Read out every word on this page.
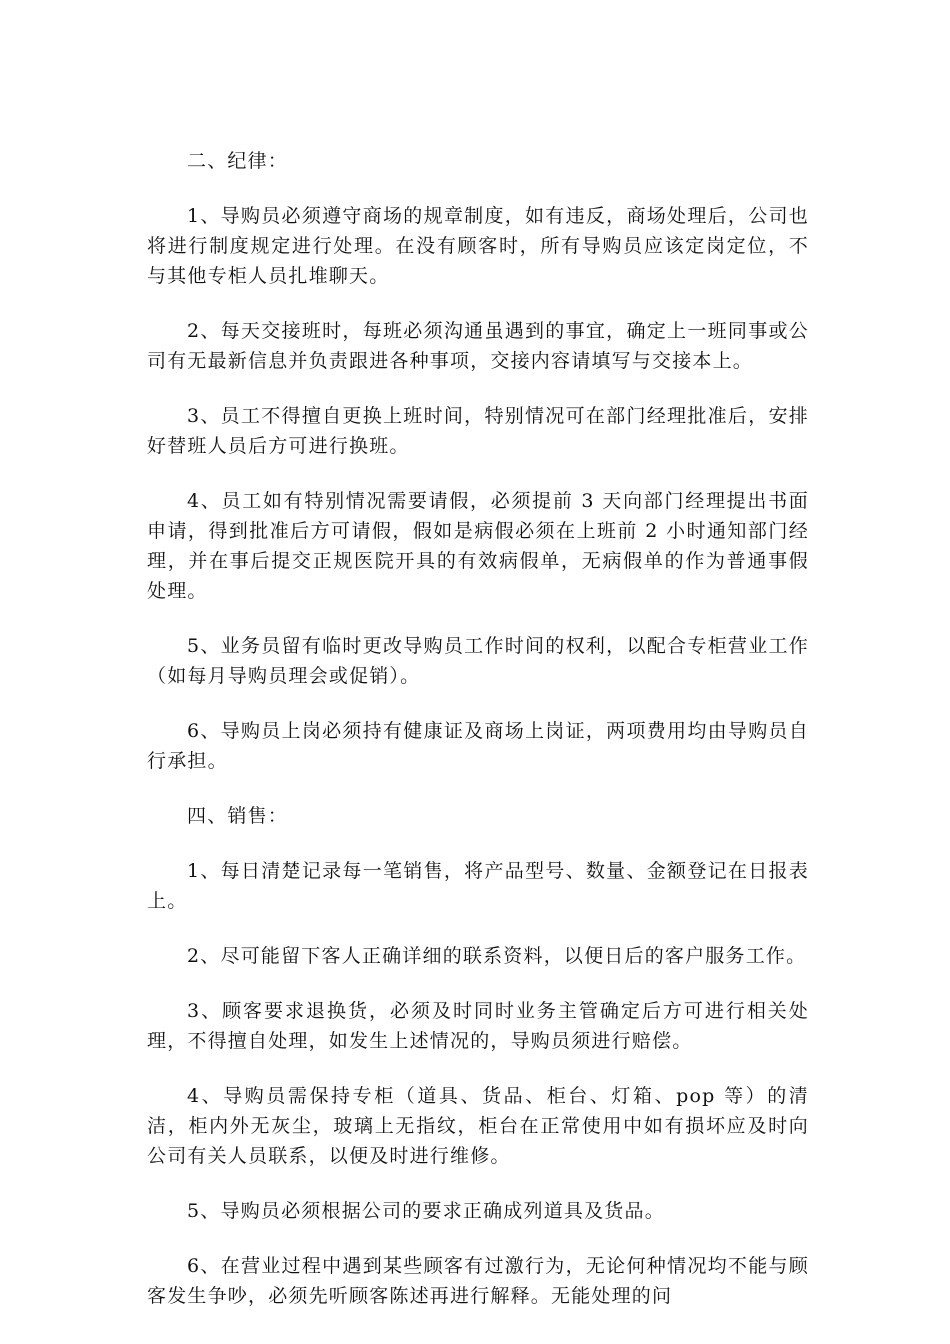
二、纪律：

1、导购员必须遵守商场的规章制度，如有违反，商场处理后，公司也将进行制度规定进行处理。在没有顾客时，所有导购员应该定岗定位，不与其他专柜人员扎堆聊天。

2、每天交接班时，每班必须沟通虽遇到的事宜，确定上一班同事或公司有无最新信息并负责跟进各种事项，交接内容请填写与交接本上。

3、员工不得擅自更换上班时间，特别情况可在部门经理批准后，安排好替班人员后方可进行换班。

4、员工如有特别情况需要请假，必须提前 3 天向部门经理提出书面申请，得到批准后方可请假，假如是病假必须在上班前 2 小时通知部门经理，并在事后提交正规医院开具的有效病假单，无病假单的作为普通事假处理。

5、业务员留有临时更改导购员工作时间的权利，以配合专柜营业工作（如每月导购员理会或促销）。

6、导购员上岗必须持有健康证及商场上岗证，两项费用均由导购员自行承担。

四、销售：

1、每日清楚记录每一笔销售，将产品型号、数量、金额登记在日报表上。

2、尽可能留下客人正确详细的联系资料，以便日后的客户服务工作。

3、顾客要求退换货，必须及时同时业务主管确定后方可进行相关处理，不得擅自处理，如发生上述情况的，导购员须进行赔偿。

4、导购员需保持专柜（道具、货品、柜台、灯箱、pop 等）的清洁，柜内外无灰尘，玻璃上无指纹，柜台在正常使用中如有损坏应及时向公司有关人员联系，以便及时进行维修。

5、导购员必须根据公司的要求正确成列道具及货品。

6、在营业过程中遇到某些顾客有过激行为，无论何种情况均不能与顾客发生争吵，必须先听顾客陈述再进行解释。无能处理的问
